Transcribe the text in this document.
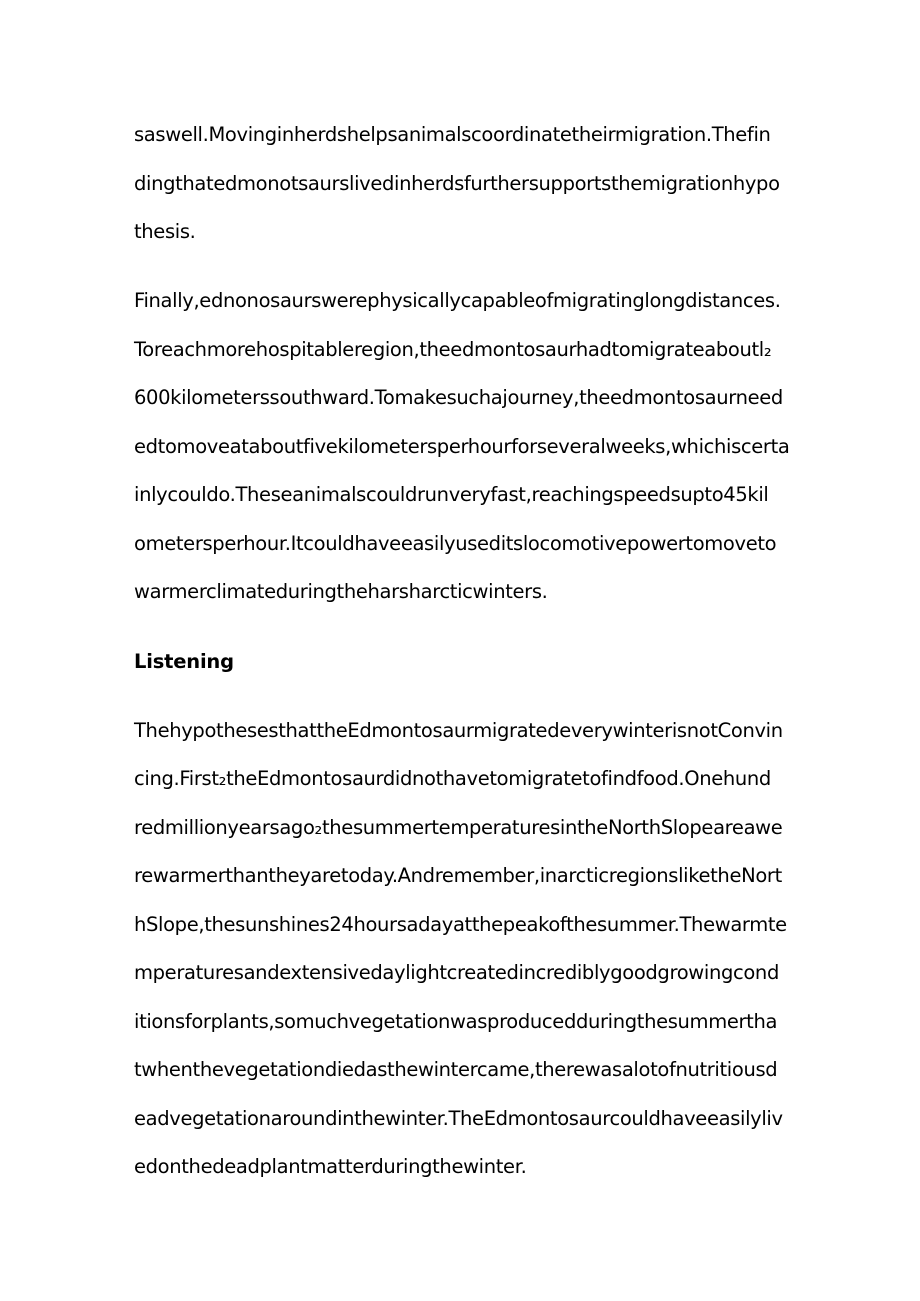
saswell.Movinginherdshelpsanimalscoordinatetheirmigration.Thefin
dingthatedmonotsaurslivedinherdsfurthersupportsthemigrationhypo
thesis.
Finally,ednonosaurswerephysicallycapableofmigratinglongdistances.
Toreachmorehospitableregion,theedmontosaurhadtomigrateaboutl₂
600kilometerssouthward.Tomakesuchajourney,theedmontosaurneed
edtomoveataboutfivekilometersperhourforseveralweeks,whichiscerta
inlycouldo.Theseanimalscouldrunveryfast,reachingspeedsupto45kil
ometersperhour.Itcouldhaveeasilyuseditslocomotivepowertomoveto
warmerclimateduringtheharsharcticwinters.
Listening
ThehypothesesthattheEdmontosaurmigratedeverywinterisnotConvin
cing.First₂theEdmontosaurdidnothavetomigratetofindfood.Onehund
redmillionyearsago₂thesummertemperaturesintheNorthSlopeareawe
rewarmerthantheyaretoday.Andremember,inarcticregionsliketheNort
hSlope,thesunshines24hoursadayatthepeakofthesummer.Thewarmte
mperaturesandextensivedaylightcreatedincrediblygoodgrowingcond
itionsforplants,somuchvegetationwasproducedduringthesummertha
twhenthevegetationdiedasthewintercame,therewasalotofnutritiousd
eadvegetationaroundinthewinter.TheEdmontosaurcouldhaveeasilyliv
edonthedeadplantmatterduringthewinter.
